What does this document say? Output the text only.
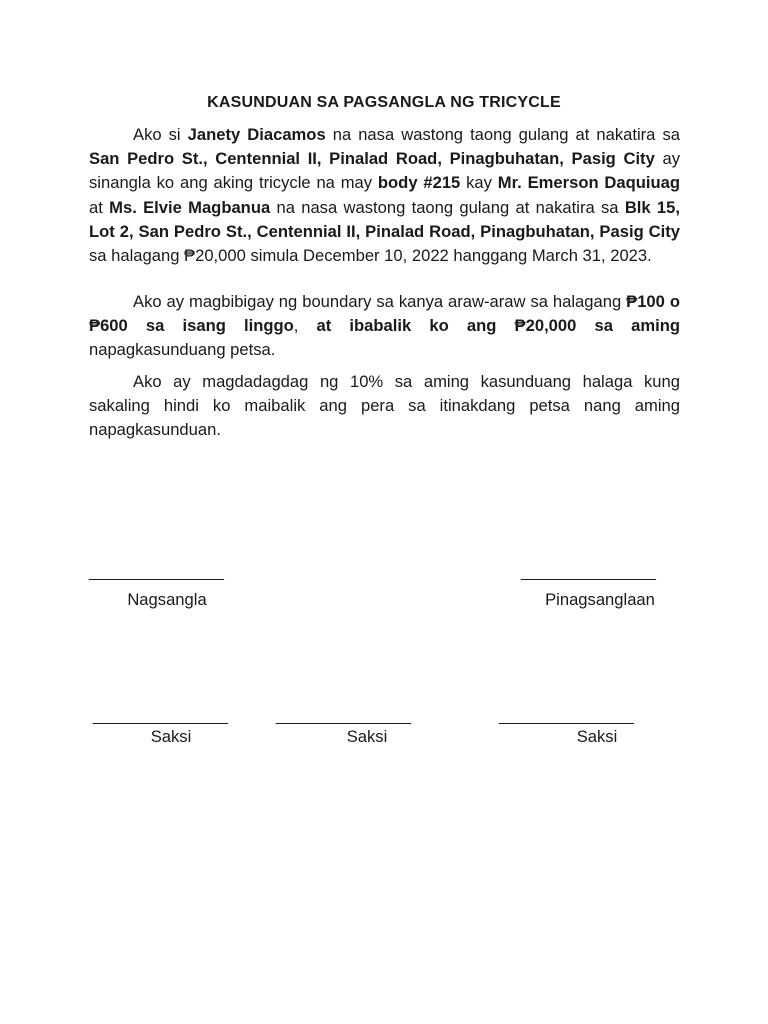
KASUNDUAN SA PAGSANGLA NG TRICYCLE
Ako si Janety Diacamos na nasa wastong taong gulang at nakatira sa San Pedro St., Centennial II, Pinalad Road, Pinagbuhatan, Pasig City ay sinangla ko ang aking tricycle na may body #215 kay Mr. Emerson Daquiuag at Ms. Elvie Magbanua na nasa wastong taong gulang at nakatira sa Blk 15, Lot 2, San Pedro St., Centennial II, Pinalad Road, Pinagbuhatan, Pasig City sa halagang ₱20,000 simula December 10, 2022 hanggang March 31, 2023.
Ako ay magbibigay ng boundary sa kanya araw-araw sa halagang ₱100 o ₱600 sa isang linggo, at ibabalik ko ang ₱20,000 sa aming napagkasunduang petsa.
Ako ay magdadagdag ng 10% sa aming kasunduang halaga kung sakaling hindi ko maibalik ang pera sa itinakdang petsa nang aming napagkasunduan.
________________	________________
Nagsangla	Pinagsanglaan
________________	________________	________________
Saksi	Saksi	Saksi
